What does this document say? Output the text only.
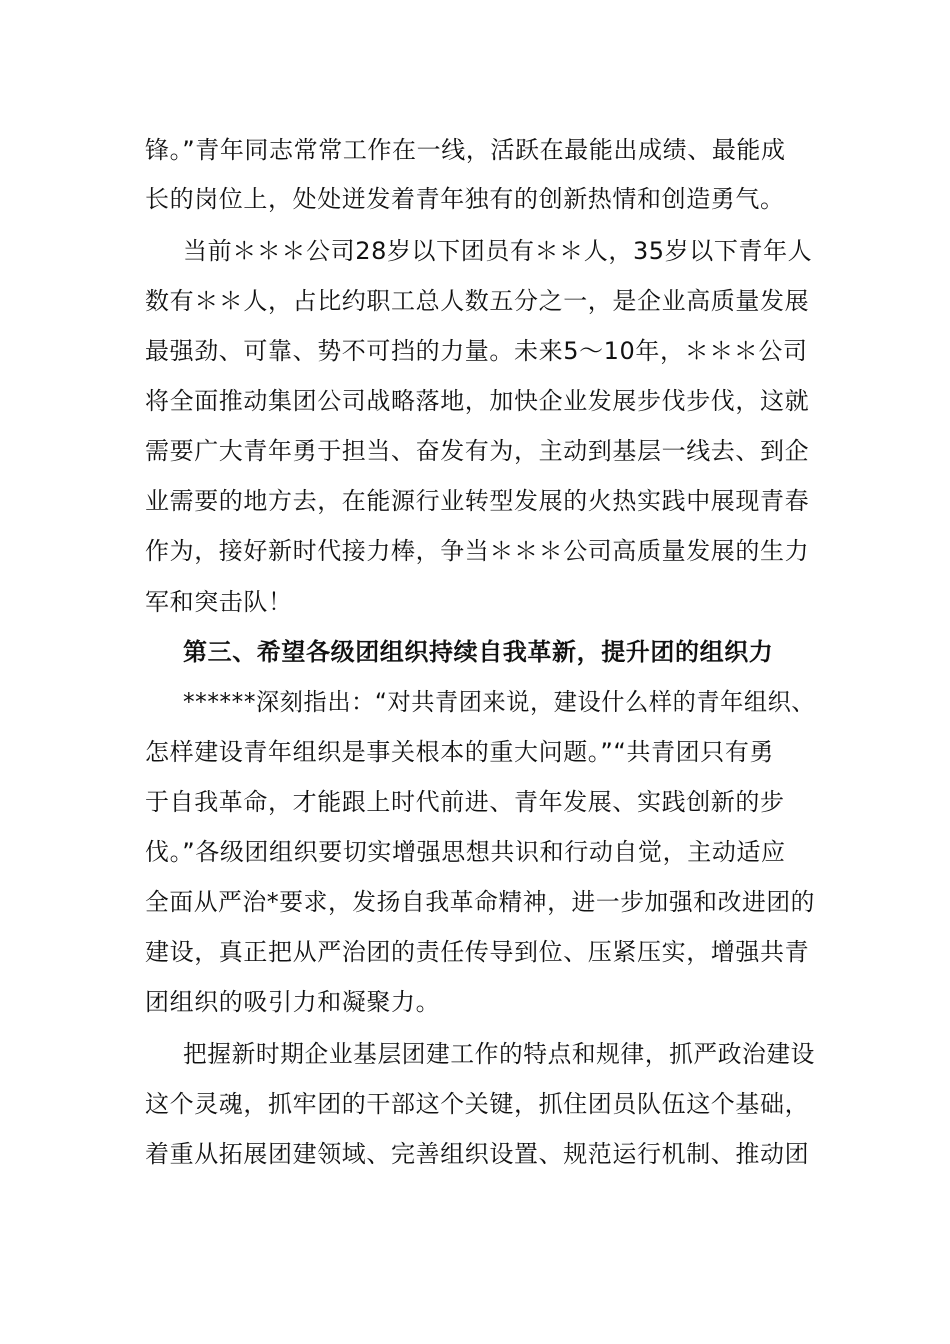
锋。”青年同志常常工作在一线，活跃在最能出成绩、最能成
长的岗位上，处处迸发着青年独有的创新热情和创造勇气。
当前＊＊＊公司28岁以下团员有＊＊人，35岁以下青年人
数有＊＊人，占比约职工总人数五分之一，是企业高质量发展
最强劲、可靠、势不可挡的力量。未来5～10年，＊＊＊公司
将全面推动集团公司战略落地，加快企业发展步伐步伐，这就
需要广大青年勇于担当、奋发有为，主动到基层一线去、到企
业需要的地方去，在能源行业转型发展的火热实践中展现青春
作为，接好新时代接力棒，争当＊＊＊公司高质量发展的生力
军和突击队！
第三、希望各级团组织持续自我革新，提升团的组织力
******深刻指出：“对共青团来说，建设什么样的青年组织、
怎样建设青年组织是事关根本的重大问题。”“共青团只有勇
于自我革命，才能跟上时代前进、青年发展、实践创新的步
伐。”各级团组织要切实增强思想共识和行动自觉，主动适应
全面从严治*要求，发扬自我革命精神，进一步加强和改进团的
建设，真正把从严治团的责任传导到位、压紧压实，增强共青
团组织的吸引力和凝聚力。
把握新时期企业基层团建工作的特点和规律，抓严政治建设
这个灵魂，抓牢团的干部这个关键，抓住团员队伍这个基础，
着重从拓展团建领域、完善组织设置、规范运行机制、推动团
